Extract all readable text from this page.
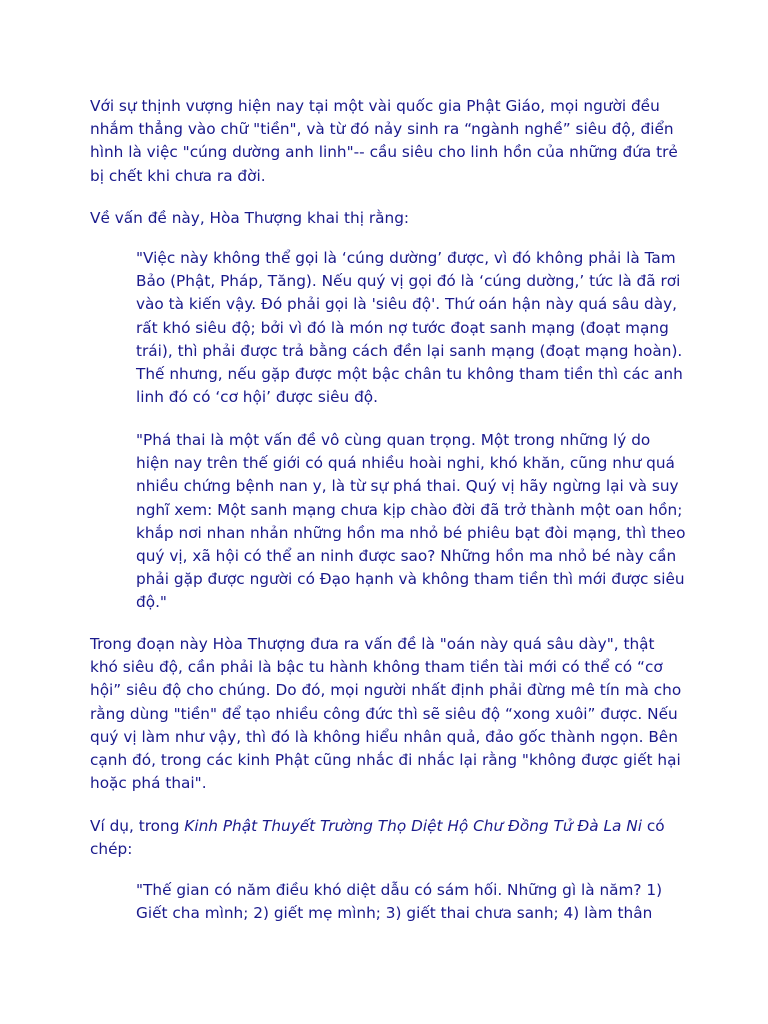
Với sự thịnh vượng hiện nay tại một vài quốc gia Phật Giáo, mọi người đều
nhắm thẳng vào chữ "tiền", và từ đó nảy sinh ra “ngành nghề” siêu độ, điển
hình là việc "cúng dường anh linh"-- cầu siêu cho linh hồn của những đứa trẻ
bị chết khi chưa ra đời.
Về vấn đề này, Hòa Thượng khai thị rằng:
"Việc này không thể gọi là ‘cúng dường’ được, vì đó không phải là Tam
Bảo (Phật, Pháp, Tăng). Nếu quý vị gọi đó là ‘cúng dường,’ tức là đã rơi
vào tà kiến vậy. Đó phải gọi là 'siêu độ'. Thứ oán hận này quá sâu dày,
rất khó siêu độ; bởi vì đó là món nợ tước đoạt sanh mạng (đoạt mạng
trái), thì phải được trả bằng cách đền lại sanh mạng (đoạt mạng hoàn).
Thế nhưng, nếu gặp được một bậc chân tu không tham tiền thì các anh
linh đó có ‘cơ hội’ được siêu độ.
"Phá thai là một vấn đề vô cùng quan trọng. Một trong những lý do
hiện nay trên thế giới có quá nhiều hoài nghi, khó khăn, cũng như quá
nhiều chứng bệnh nan y, là từ sự phá thai. Quý vị hãy ngừng lại và suy
nghĩ xem: Một sanh mạng chưa kịp chào đời đã trở thành một oan hồn;
khắp nơi nhan nhản những hồn ma nhỏ bé phiêu bạt đòi mạng, thì theo
quý vị, xã hội có thể an ninh được sao? Những hồn ma nhỏ bé này cần
phải gặp được người có Đạo hạnh và không tham tiền thì mới được siêu
độ."
Trong đoạn này Hòa Thượng đưa ra vấn đề là "oán này quá sâu dày", thật
khó siêu độ, cần phải là bậc tu hành không tham tiền tài mới có thể có “cơ
hội” siêu độ cho chúng. Do đó, mọi người nhất định phải đừng mê tín mà cho
rằng dùng "tiền" để tạo nhiều công đức thì sẽ siêu độ “xong xuôi” được. Nếu
quý vị làm như vậy, thì đó là không hiểu nhân quả, đảo gốc thành ngọn. Bên
cạnh đó, trong các kinh Phật cũng nhắc đi nhắc lại rằng "không được giết hại
hoặc phá thai".
Ví dụ, trong Kinh Phật Thuyết Trường Thọ Diệt Hộ Chư Đồng Tử Đà La Ni có
chép:
"Thế gian có năm điều khó diệt dẫu có sám hối. Những gì là năm? 1)
Giết cha mình; 2) giết mẹ mình; 3) giết thai chưa sanh; 4) làm thân
